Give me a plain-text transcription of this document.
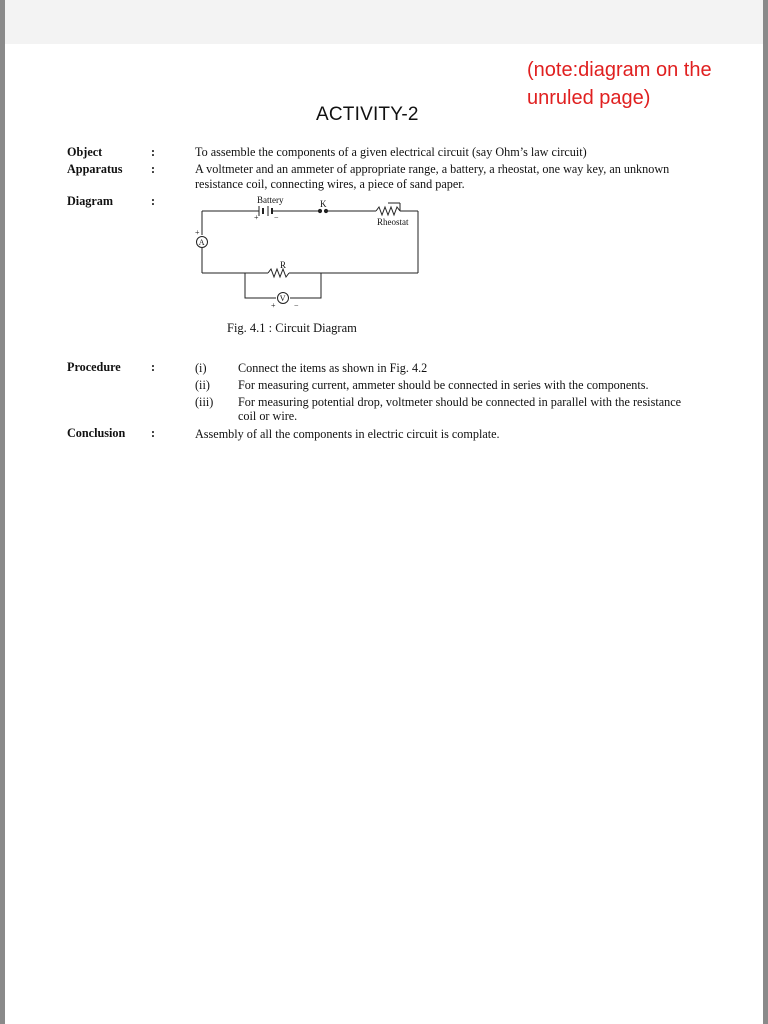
(note:diagram on the
unruled page)
ACTIVITY-2
Object	:	To assemble the components of a given electrical circuit (say Ohm’s law circuit)
Apparatus :	A voltmeter and an ammeter of appropriate range, a battery, a rheostat, one way key, an unknown
resistance coil, connecting wires, a piece of sand paper.
Diagram	:	Battery	K
Rheostat
R
A
V
+ −
+
+ −
Fig. 4.1 : Circuit Diagram
Procedure :	(i)	Connect the items as shown in Fig. 4.2
(ii) For measuring current, ammeter should be connected in series with the components.
(iii) For measuring potential drop, voltmeter should be connected in parallel with the resistance
coil or wire.
Conclusion :	Assembly of all the components in electric circuit is complate.
